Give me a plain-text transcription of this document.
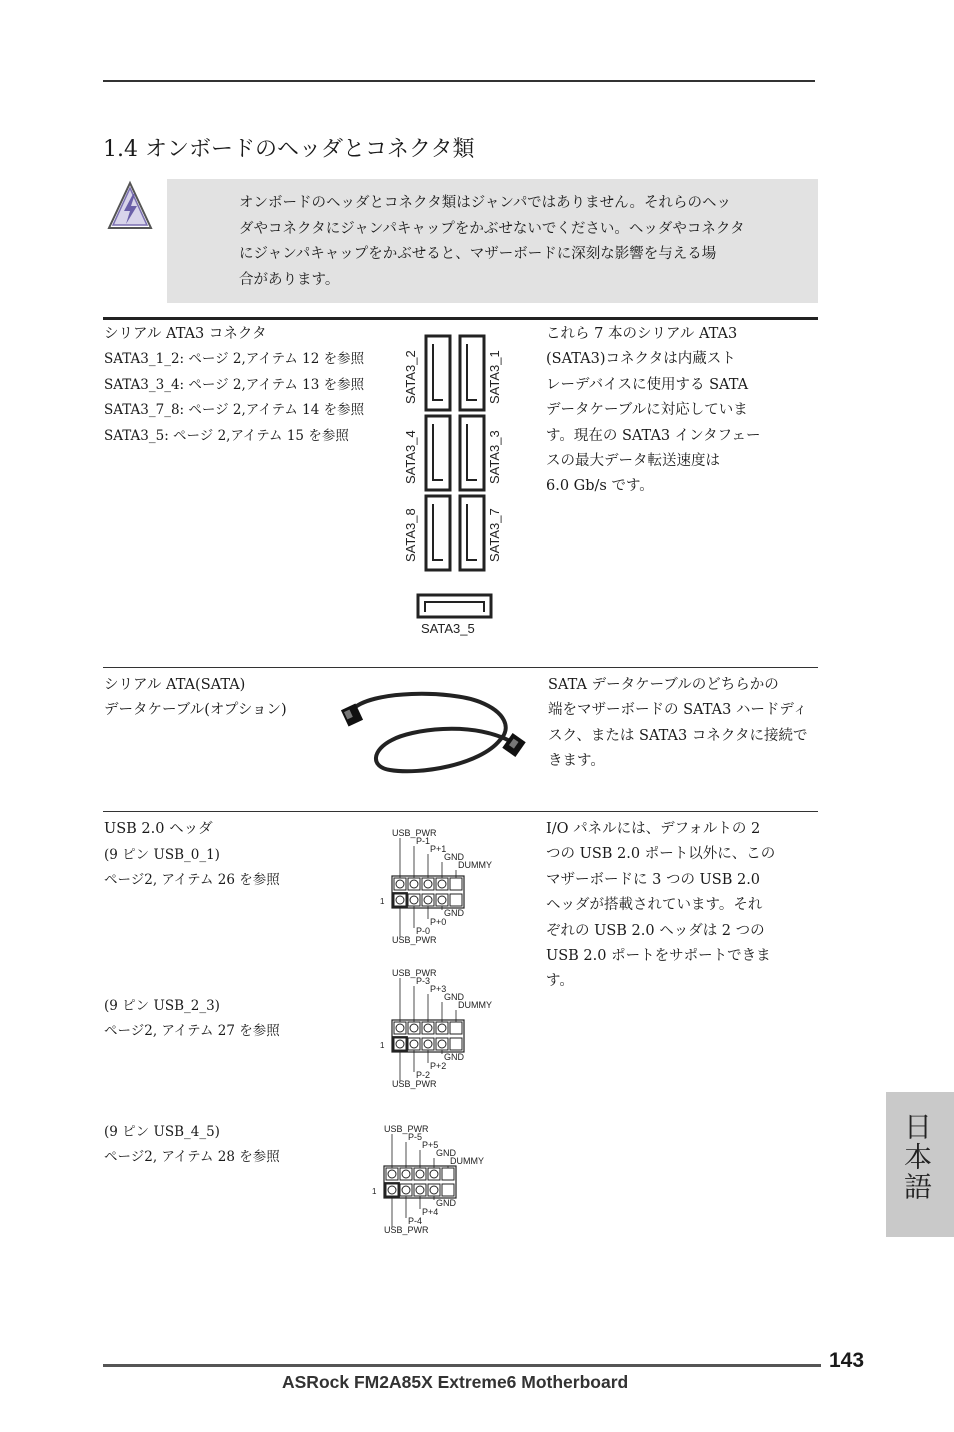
1.4 オンボードのヘッダとコネクタ類
オンボードのヘッダとコネクタ類はジャンパではありません。それらのヘッ
ダやコネクタにジャンパキャップをかぶせないでください。ヘッダやコネクタ
にジャンパキャップをかぶせると、マザーボードに深刻な影響を与える場
合があります。
シリアル ATA3 コネクタ
SATA3_1_2: ページ 2,アイテム 12 を参照
SATA3_3_4: ページ 2,アイテム 13 を参照
SATA3_7_8: ページ 2,アイテム 14 を参照
SATA3_5: ページ 2,アイテム 15 を参照
SATA3_2	SATA3_1
SATA3_4	SATA3_3
SATA3_8	SATA3_7
SATA3_5
これら 7 本のシリアル ATA3
(SATA3)コネクタは内蔵スト
レーデバイスに使用する SATA
データケーブルに対応していま
す。現在の SATA3 インタフェー
スの最大データ転送速度は
6.0 Gb/s です。
シリアル ATA(SATA)
データケーブル(オプション)
SATA データケーブルのどちらかの
端をマザーボードの SATA3 ハードディ
スク、または SATA3 コネクタに接続で
きます。
USB 2.0 ヘッダ
(9 ピン USB_0_1)
ページ2, アイテム 26 を参照
(9 ピン USB_2_3)
ページ2, アイテム 27 を参照
(9 ピン USB_4_5)
ページ2, アイテム 28 を参照
1
USB_PWR
P-1
P+1
GND
DUMMY
GND
P+0
P-0
USB_PWR
1
USB_PWR
P-3
P+3
GND
DUMMY
GND
P+2
P-2
USB_PWR
1
USB_PWR
P-5
P+5
GND
DUMMY
GND
P+4
P-4
USB_PWR
I/O パネルには、デフォルトの 2
つの USB 2.0 ポート以外に、この
マザーボードに 3 つの USB 2.0
ヘッダが搭載されています。それ
ぞれの USB 2.0 ヘッダは 2 つの
USB 2.0 ポートをサポートできま
す。
日本語
143
ASRock FM2A85X Extreme6 Motherboard
